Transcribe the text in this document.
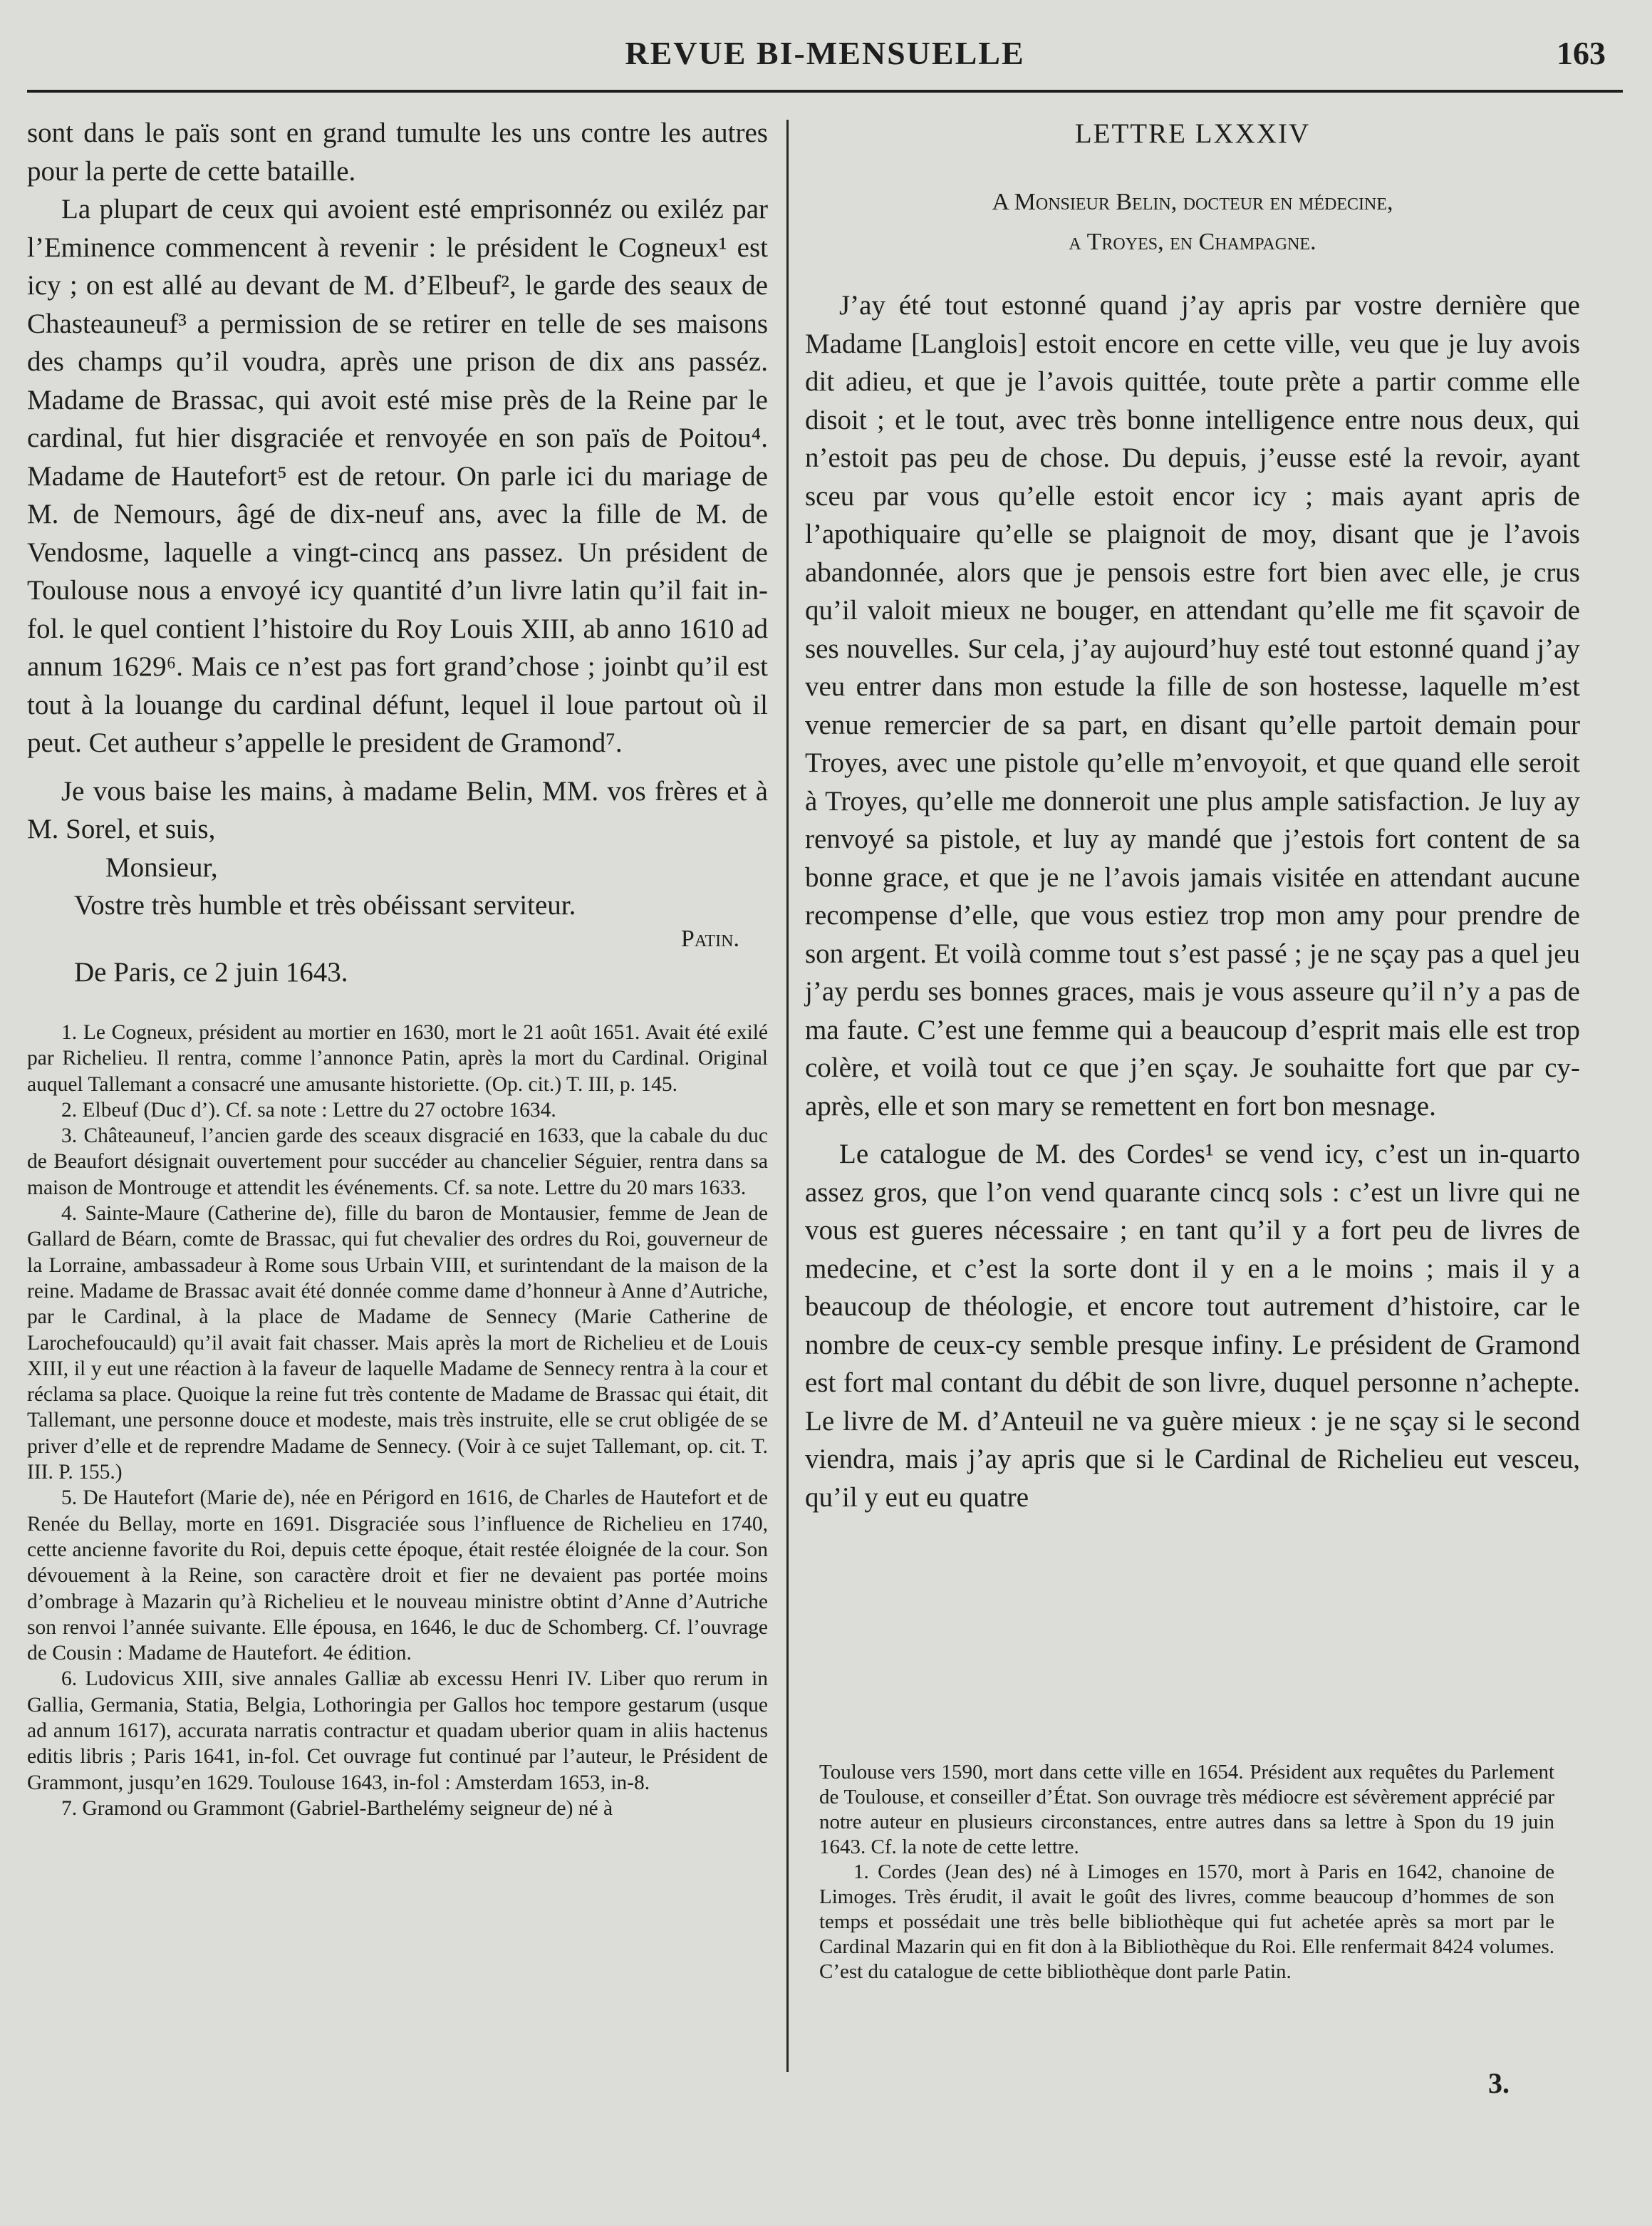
REVUE BI-MENSUELLE	163

sont dans le païs sont en grand tumulte les uns contre les autres pour la perte de cette bataille.

La plupart de ceux qui avoient esté emprisonnéz ou exiléz par l’Eminence commencent à revenir : le président le Cogneux¹ est icy ; on est allé au devant de M. d’Elbeuf², le garde des seaux de Chasteauneuf³ a permission de se retirer en telle de ses maisons des champs qu’il voudra, après une prison de dix ans passéz. Madame de Brassac, qui avoit esté mise près de la Reine par le cardinal, fut hier disgraciée et renvoyée en son païs de Poitou⁴. Madame de Hautefort⁵ est de retour. On parle ici du mariage de M. de Nemours, âgé de dix-neuf ans, avec la fille de M. de Vendosme, laquelle a vingt-cincq ans passez. Un président de Toulouse nous a envoyé icy quantité d’un livre latin qu’il fait in-fol. le quel contient l’histoire du Roy Louis XIII, ab anno 1610 ad annum 1629⁶. Mais ce n’est pas fort grand’chose ; joinbt qu’il est tout à la louange du cardinal défunt, lequel il loue partout où il peut. Cet autheur s’appelle le president de Gramond⁷.

Je vous baise les mains, à madame Belin, MM. vos frères et à M. Sorel, et suis,

Monsieur,

Vostre très humble et très obéissant serviteur.

Patin.

De Paris, ce 2 juin 1643.

1. Le Cogneux, président au mortier en 1630, mort le 21 août 1651. Avait été exilé par Richelieu. Il rentra, comme l’annonce Patin, après la mort du Cardinal. Original auquel Tallemant a consacré une amusante historiette. (Op. cit.) T. III, p. 145.

2. Elbeuf (Duc d’). Cf. sa note : Lettre du 27 octobre 1634.

3. Châteauneuf, l’ancien garde des sceaux disgracié en 1633, que la cabale du duc de Beaufort désignait ouvertement pour succéder au chancelier Séguier, rentra dans sa maison de Montrouge et attendit les événements. Cf. sa note. Lettre du 20 mars 1633.

4. Sainte-Maure (Catherine de), fille du baron de Montausier, femme de Jean de Gallard de Béarn, comte de Brassac, qui fut chevalier des ordres du Roi, gouverneur de la Lorraine, ambassadeur à Rome sous Urbain VIII, et surintendant de la maison de la reine. Madame de Brassac avait été donnée comme dame d’honneur à Anne d’Autriche, par le Cardinal, à la place de Madame de Sennecy (Marie Catherine de Larochefoucauld) qu’il avait fait chasser. Mais après la mort de Richelieu et de Louis XIII, il y eut une réaction à la faveur de laquelle Madame de Sennecy rentra à la cour et réclama sa place. Quoique la reine fut très contente de Madame de Brassac qui était, dit Tallemant, une personne douce et modeste, mais très instruite, elle se crut obligée de se priver d’elle et de reprendre Madame de Sennecy. (Voir à ce sujet Tallemant, op. cit. T. III. P. 155.)

5. De Hautefort (Marie de), née en Périgord en 1616, de Charles de Hautefort et de Renée du Bellay, morte en 1691. Disgraciée sous l’influence de Richelieu en 1740, cette ancienne favorite du Roi, depuis cette époque, était restée éloignée de la cour. Son dévouement à la Reine, son caractère droit et fier ne devaient pas portée moins d’ombrage à Mazarin qu’à Richelieu et le nouveau ministre obtint d’Anne d’Autriche son renvoi l’année suivante. Elle épousa, en 1646, le duc de Schomberg. Cf. l’ouvrage de Cousin : Madame de Hautefort. 4e édition.

6. Ludovicus XIII, sive annales Galliæ ab excessu Henri IV. Liber quo rerum in Gallia, Germania, Statia, Belgia, Lothoringia per Gallos hoc tempore gestarum (usque ad annum 1617), accurata narratis contractur et quadam uberior quam in aliis hactenus editis libris ; Paris 1641, in-fol. Cet ouvrage fut continué par l’auteur, le Président de Grammont, jusqu’en 1629. Toulouse 1643, in-fol : Amsterdam 1653, in-8.

7. Gramond ou Grammont (Gabriel-Barthelémy seigneur de) né à

LETTRE LXXXIV

A Monsieur Belin, docteur en médecine,

a Troyes, en Champagne.

J’ay été tout estonné quand j’ay apris par vostre dernière que Madame [Langlois] estoit encore en cette ville, veu que je luy avois dit adieu, et que je l’avois quittée, toute prète a partir comme elle disoit ; et le tout, avec très bonne intelligence entre nous deux, qui n’estoit pas peu de chose. Du depuis, j’eusse esté la revoir, ayant sceu par vous qu’elle estoit encor icy ; mais ayant apris de l’apothiquaire qu’elle se plaignoit de moy, disant que je l’avois abandonnée, alors que je pensois estre fort bien avec elle, je crus qu’il valoit mieux ne bouger, en attendant qu’elle me fit sçavoir de ses nouvelles. Sur cela, j’ay aujourd’huy esté tout estonné quand j’ay veu entrer dans mon estude la fille de son hostesse, laquelle m’est venue remercier de sa part, en disant qu’elle partoit demain pour Troyes, avec une pistole qu’elle m’envoyoit, et que quand elle seroit à Troyes, qu’elle me donneroit une plus ample satisfaction. Je luy ay renvoyé sa pistole, et luy ay mandé que j’estois fort content de sa bonne grace, et que je ne l’avois jamais visitée en attendant aucune recompense d’elle, que vous estiez trop mon amy pour prendre de son argent. Et voilà comme tout s’est passé ; je ne sçay pas a quel jeu j’ay perdu ses bonnes graces, mais je vous asseure qu’il n’y a pas de ma faute. C’est une femme qui a beaucoup d’esprit mais elle est trop colère, et voilà tout ce que j’en sçay. Je souhaitte fort que par cy-après, elle et son mary se remettent en fort bon mesnage.

Le catalogue de M. des Cordes¹ se vend icy, c’est un in-quarto assez gros, que l’on vend quarante cincq sols : c’est un livre qui ne vous est gueres nécessaire ; en tant qu’il y a fort peu de livres de medecine, et c’est la sorte dont il y en a le moins ; mais il y a beaucoup de théologie, et encore tout autrement d’histoire, car le nombre de ceux-cy semble presque infiny. Le président de Gramond est fort mal contant du débit de son livre, duquel personne n’achepte. Le livre de M. d’Anteuil ne va guère mieux : je ne sçay si le second viendra, mais j’ay apris que si le Cardinal de Richelieu eut vesceu, qu’il y eut eu quatre

Toulouse vers 1590, mort dans cette ville en 1654. Président aux requêtes du Parlement de Toulouse, et conseiller d’État. Son ouvrage très médiocre est sévèrement apprécié par notre auteur en plusieurs circonstances, entre autres dans sa lettre à Spon du 19 juin 1643. Cf. la note de cette lettre.

1. Cordes (Jean des) né à Limoges en 1570, mort à Paris en 1642, chanoine de Limoges. Très érudit, il avait le goût des livres, comme beaucoup d’hommes de son temps et possédait une très belle bibliothèque qui fut achetée après sa mort par le Cardinal Mazarin qui en fit don à la Bibliothèque du Roi. Elle renfermait 8424 volumes. C’est du catalogue de cette bibliothèque dont parle Patin.

3.
